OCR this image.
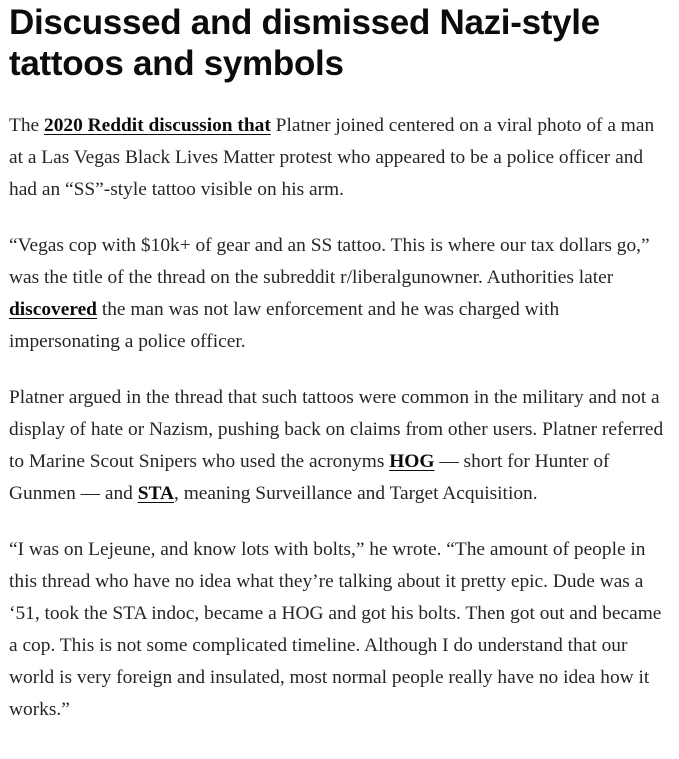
Discussed and dismissed Nazi-style tattoos and symbols

The 2020 Reddit discussion that Platner joined centered on a viral photo of a man at a Las Vegas Black Lives Matter protest who appeared to be a police officer and had an “SS”-style tattoo visible on his arm.

“Vegas cop with $10k+ of gear and an SS tattoo. This is where our tax dollars go,” was the title of the thread on the subreddit r/liberalgunowner. Authorities later discovered the man was not law enforcement and he was charged with impersonating a police officer.

Platner argued in the thread that such tattoos were common in the military and not a display of hate or Nazism, pushing back on claims from other users. Platner referred to Marine Scout Snipers who used the acronyms HOG — short for Hunter of Gunmen — and STA, meaning Surveillance and Target Acquisition.

“I was on Lejeune, and know lots with bolts,” he wrote. “The amount of people in this thread who have no idea what they’re talking about it pretty epic. Dude was a ‘51, took the STA indoc, became a HOG and got his bolts. Then got out and became a cop. This is not some complicated timeline. Although I do understand that our world is very foreign and insulated, most normal people really have no idea how it works.”
